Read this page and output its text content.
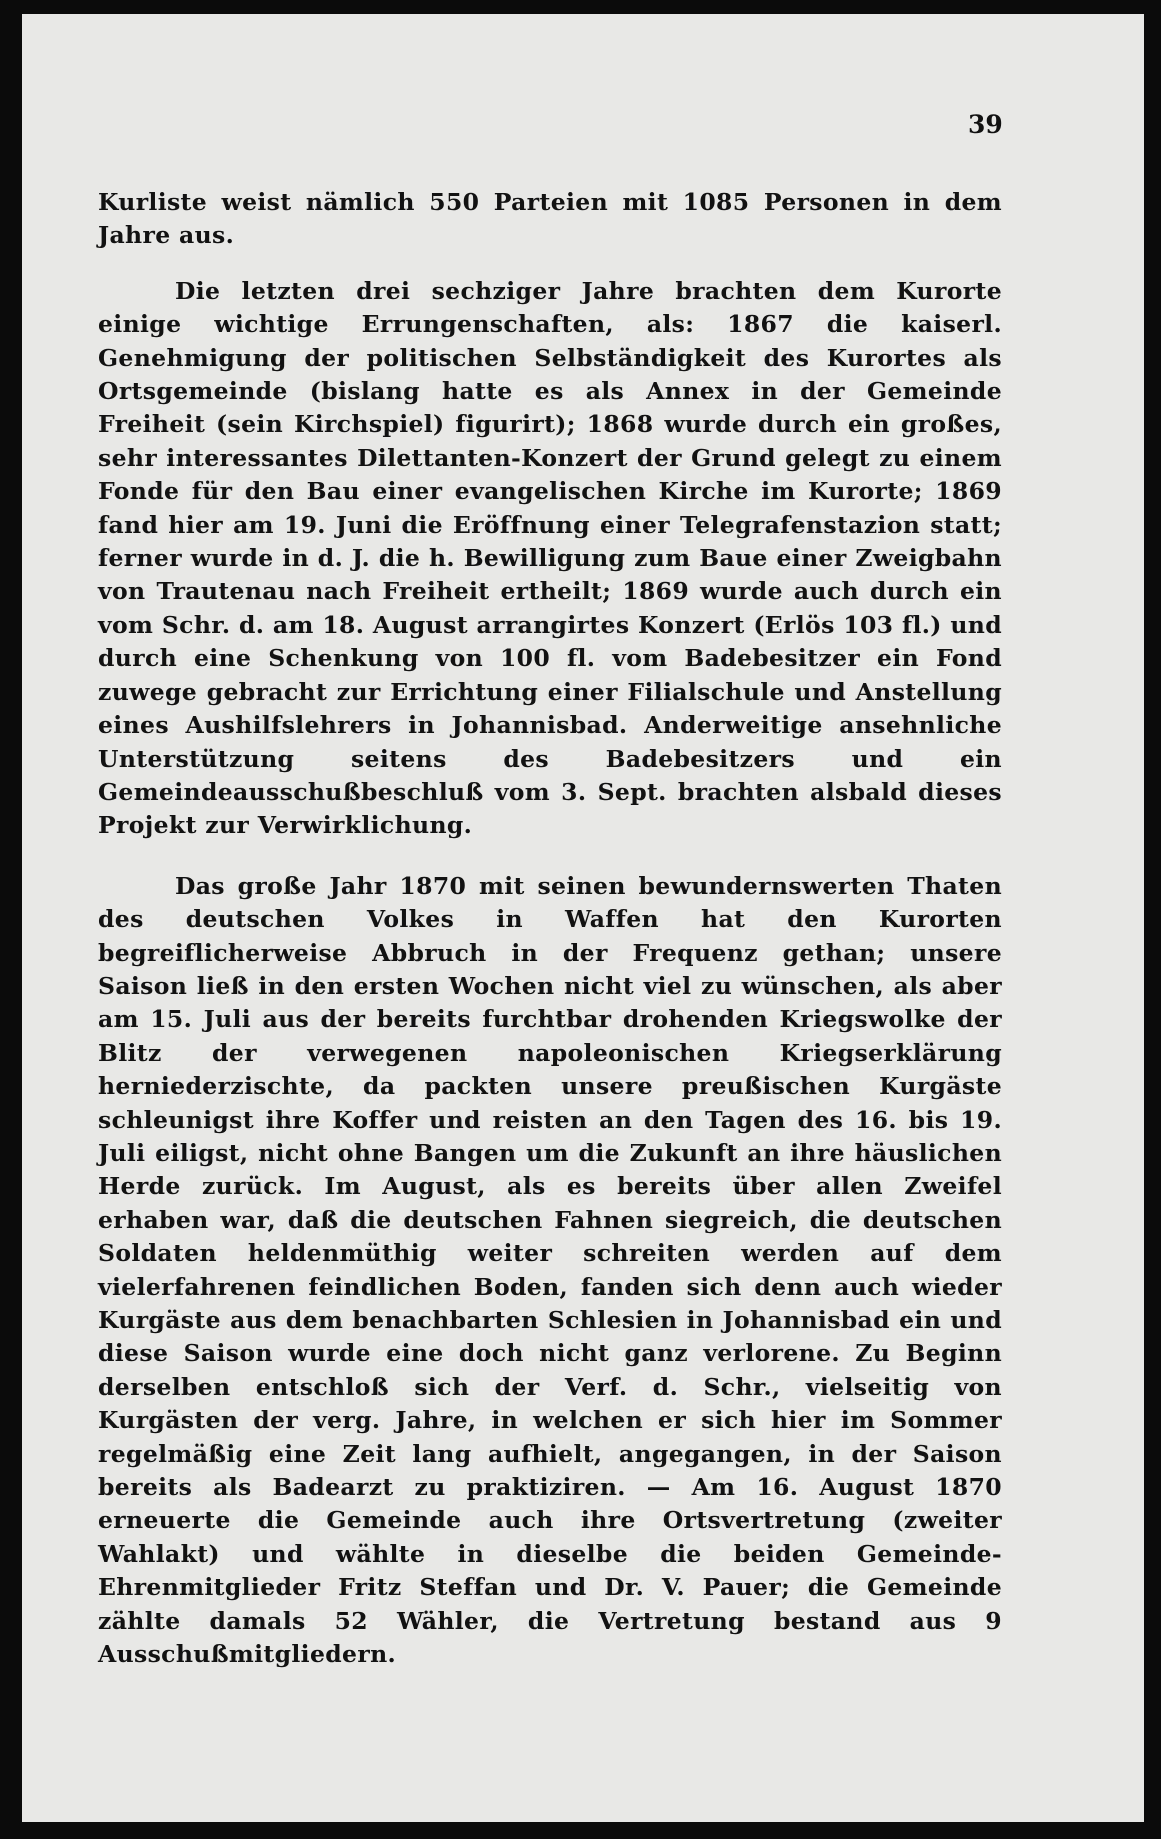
39

Kurliste weist nämlich 550 Parteien mit 1085 Personen in dem Jahre aus.

Die letzten drei sechziger Jahre brachten dem Kurorte einige wichtige Errungenschaften, als: 1867 die kaiserl. Genehmigung der politischen Selbständigkeit des Kurortes als Ortsgemeinde (bislang hatte es als Annex in der Gemeinde Freiheit (sein Kirchspiel) figurirt); 1868 wurde durch ein großes, sehr interessantes Dilettanten-Konzert der Grund gelegt zu einem Fonde für den Bau einer evangelischen Kirche im Kurorte; 1869 fand hier am 19. Juni die Eröffnung einer Telegrafenstazion statt; ferner wurde in d. J. die h. Bewilligung zum Baue einer Zweigbahn von Trautenau nach Freiheit ertheilt; 1869 wurde auch durch ein vom Schr. d. am 18. August arrangirtes Konzert (Erlös 103 fl.) und durch eine Schenkung von 100 fl. vom Badebesitzer ein Fond zuwege gebracht zur Errichtung einer Filialschule und Anstellung eines Aushilfslehrers in Johannisbad. Anderweitige ansehnliche Unterstützung seitens des Badebesitzers und ein Gemeindeausschußbeschluß vom 3. Sept. brachten alsbald dieses Projekt zur Verwirklichung.

Das große Jahr 1870 mit seinen bewundernswerten Thaten des deutschen Volkes in Waffen hat den Kurorten begreiflicherweise Abbruch in der Frequenz gethan; unsere Saison ließ in den ersten Wochen nicht viel zu wünschen, als aber am 15. Juli aus der bereits furchtbar drohenden Kriegswolke der Blitz der verwegenen napoleonischen Kriegserklärung herniederzischte, da packten unsere preußischen Kurgäste schleunigst ihre Koffer und reisten an den Tagen des 16. bis 19. Juli eiligst, nicht ohne Bangen um die Zukunft an ihre häuslichen Herde zurück. Im August, als es bereits über allen Zweifel erhaben war, daß die deutschen Fahnen siegreich, die deutschen Soldaten heldenmüthig weiter schreiten werden auf dem vielerfahrenen feindlichen Boden, fanden sich denn auch wieder Kurgäste aus dem benachbarten Schlesien in Johannisbad ein und diese Saison wurde eine doch nicht ganz verlorene. Zu Beginn derselben entschloß sich der Verf. d. Schr., vielseitig von Kurgästen der verg. Jahre, in welchen er sich hier im Sommer regelmäßig eine Zeit lang aufhielt, angegangen, in der Saison bereits als Badearzt zu praktiziren. — Am 16. August 1870 erneuerte die Gemeinde auch ihre Ortsvertretung (zweiter Wahlakt) und wählte in dieselbe die beiden Gemeinde-Ehrenmitglieder Fritz Steffan und Dr. V. Pauer; die Gemeinde zählte damals 52 Wähler, die Vertretung bestand aus 9 Ausschußmitgliedern.
